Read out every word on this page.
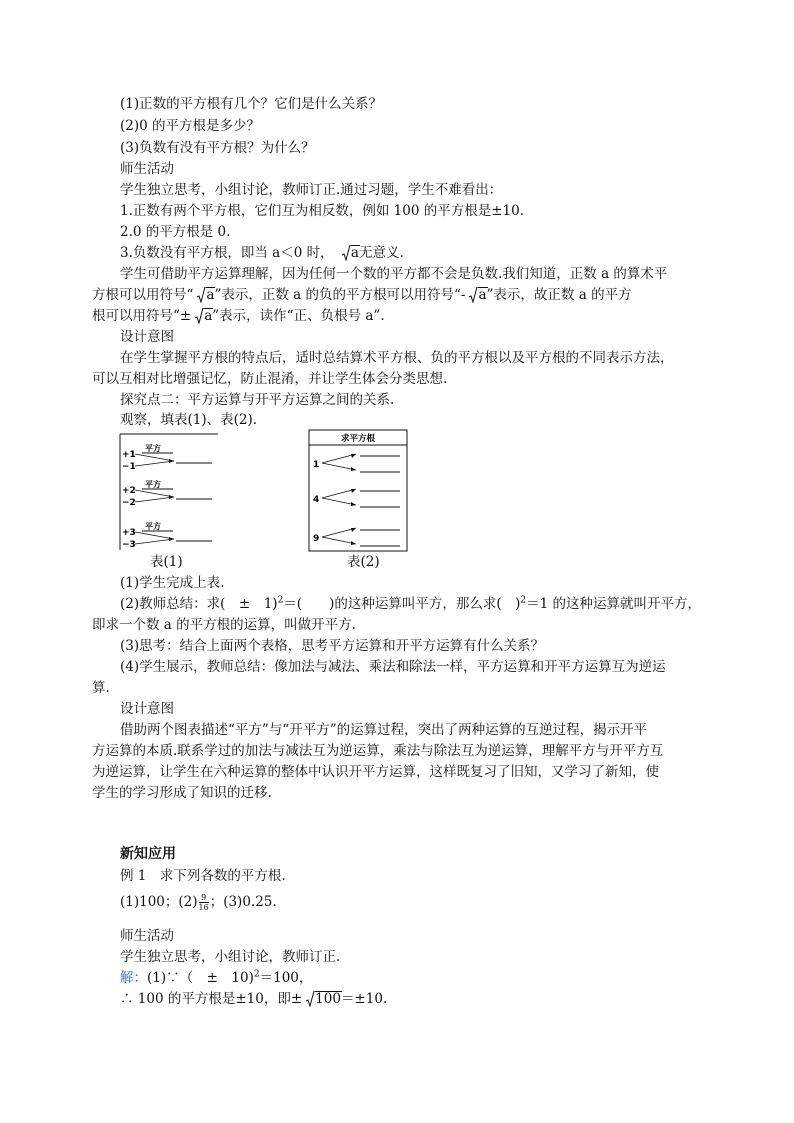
(1)正数的平方根有几个？它们是什么关系？
(2)0 的平方根是多少？
(3)负数有没有平方根？为什么？
师生活动
学生独立思考，小组讨论，教师订正.通过习题，学生不难看出：
1.正数有两个平方根，它们互为相反数，例如 100 的平方根是±10.
2.0 的平方根是 0.
3.负数没有平方根，即当 a＜0 时， a无意义.
学生可借助平方运算理解，因为任何一个数的平方都不会是负数.我们知道，正数 a 的算术平
方根可以用符号“ a”表示，正数 a 的负的平方根可以用符号“- a”表示，故正数 a 的平方
根可以用符号“± a”表示，读作“正、负根号 a”.
设计意图
在学生掌握平方根的特点后，适时总结算术平方根、负的平方根以及平方根的不同表示方法，
可以互相对比增强记忆，防止混淆，并让学生体会分类思想.
探究点二：平方运算与开平方运算之间的关系.
观察，填表(1)、表(2).
+1
−1
平方
+2
−2
平方
+3
−3
平方
表(1)
求平方根
1
4
9
表(2)
(1)学生完成上表.
(2)教师总结：求(　±　1)$^2$＝(　　)的这种运算叫平方，那么求(　)$^2$＝1 的这种运算就叫开平方，
即求一个数 a 的平方根的运算，叫做开平方.
(3)思考：结合上面两个表格，思考平方运算和开平方运算有什么关系？
(4)学生展示，教师总结：像加法与减法、乘法和除法一样，平方运算和开平方运算互为逆运
算.
设计意图
借助两个图表描述“平方”与“开平方”的运算过程，突出了两种运算的互逆过程，揭示开平
方运算的本质.联系学过的加法与减法互为逆运算，乘法与除法互为逆运算，理解平方与开平方互
为逆运算，让学生在六种运算的整体中认识开平方运算，这样既复习了旧知，又学习了新知，使
学生的学习形成了知识的迁移.
新知应用
例 1　求下列各数的平方根.
(1)100；$(2) \frac{9}{16}$ ；(3)0.25.
师生活动
学生独立思考，小组讨论，教师订正.
解：(1)∵（　±　10)$^2$＝100，
∴ 100 的平方根是±10，即± 100＝±10.
